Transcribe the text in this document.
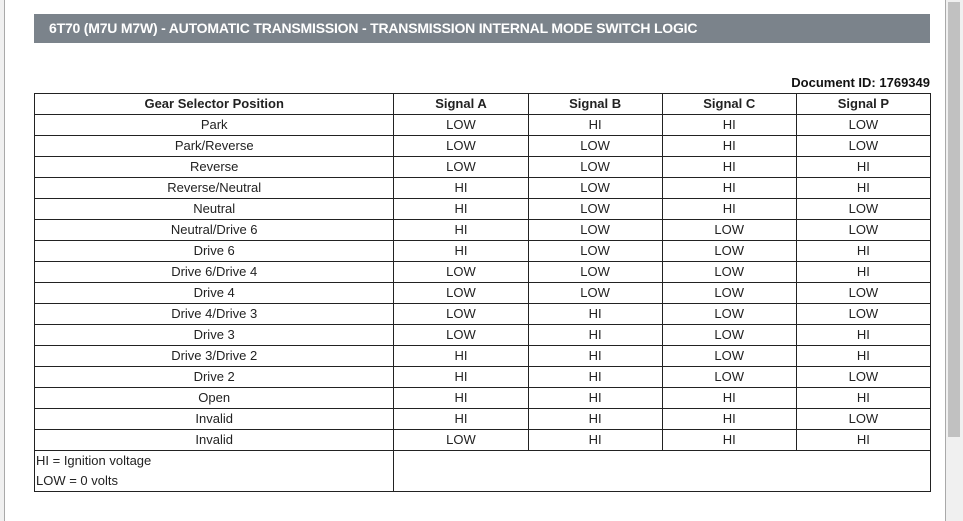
6T70 (M7U M7W) - AUTOMATIC TRANSMISSION - TRANSMISSION INTERNAL MODE SWITCH LOGIC
Document ID: 1769349
Gear Selector Position	Signal A	Signal B	Signal C	Signal P
Park	LOW	HI	HI	LOW
Park/Reverse	LOW	LOW	HI	LOW
Reverse	LOW	LOW	HI	HI
Reverse/Neutral	HI	LOW	HI	HI
Neutral	HI	LOW	HI	LOW
Neutral/Drive 6	HI	LOW	LOW	LOW
Drive 6	HI	LOW	LOW	HI
Drive 6/Drive 4	LOW	LOW	LOW	HI
Drive 4	LOW	LOW	LOW	LOW
Drive 4/Drive 3	LOW	HI	LOW	LOW
Drive 3	LOW	HI	LOW	HI
Drive 3/Drive 2	HI	HI	LOW	HI
Drive 2	HI	HI	LOW	LOW
Open	HI	HI	HI	HI
Invalid	HI	HI	HI	LOW
Invalid	LOW	HI	HI	HI

HI = Ignition voltage
LOW = 0 volts				
